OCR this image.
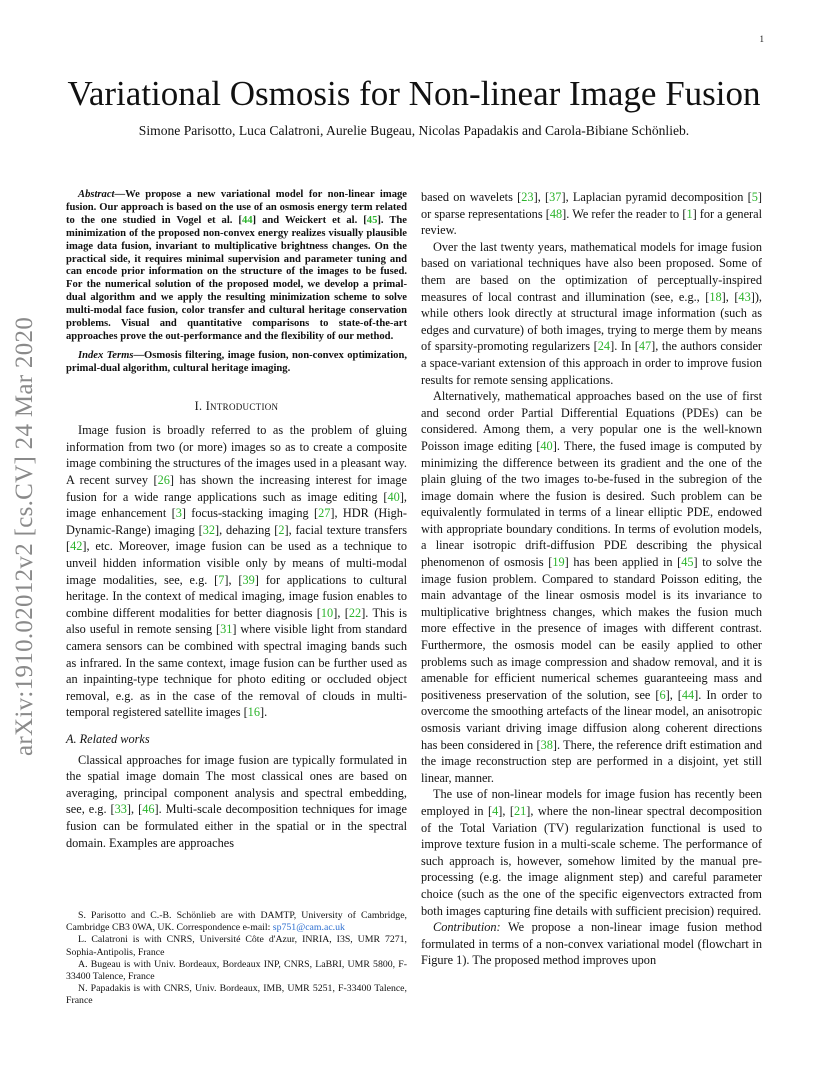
1
arXiv:1910.02012v2 [cs.CV] 24 Mar 2020
Variational Osmosis for Non-linear Image Fusion
Simone Parisotto, Luca Calatroni, Aurelie Bugeau, Nicolas Papadakis and Carola-Bibiane Schönlieb.

Abstract—We propose a new variational model for non-linear image fusion. Our approach is based on the use of an osmosis energy term related to the one studied in Vogel et al. [44] and Weickert et al. [45]. The minimization of the proposed non-convex energy realizes visually plausible image data fusion, invariant to multiplicative brightness changes. On the practical side, it requires minimal supervision and parameter tuning and can encode prior information on the structure of the images to be fused. For the numerical solution of the proposed model, we develop a primal-dual algorithm and we apply the resulting minimization scheme to solve multi-modal face fusion, color transfer and cultural heritage conservation problems. Visual and quantitative comparisons to state-of-the-art approaches prove the out-performance and the flexibility of our method.

Index Terms—Osmosis filtering, image fusion, non-convex optimization, primal-dual algorithm, cultural heritage imaging.

I. Introduction

Image fusion is broadly referred to as the problem of gluing information from two (or more) images so as to create a composite image combining the structures of the images used in a pleasant way. A recent survey [26] has shown the increasing interest for image fusion for a wide range applications such as image editing [40], image enhancement [3] focus-stacking imaging [27], HDR (High-Dynamic-Range) imaging [32], dehazing [2], facial texture transfers [42], etc. Moreover, image fusion can be used as a technique to unveil hidden information visible only by means of multi-modal image modalities, see, e.g. [7], [39] for applications to cultural heritage. In the context of medical imaging, image fusion enables to combine different modalities for better diagnosis [10], [22]. This is also useful in remote sensing [31] where visible light from standard camera sensors can be combined with spectral imaging bands such as infrared. In the same context, image fusion can be further used as an inpainting-type technique for photo editing or occluded object removal, e.g. as in the case of the removal of clouds in multi-temporal registered satellite images [16].

A. Related works

Classical approaches for image fusion are typically formulated in the spatial image domain The most classical ones are based on averaging, principal component analysis and spectral embedding, see, e.g. [33], [46]. Multi-scale decomposition techniques for image fusion can be formulated either in the spatial or in the spectral domain. Examples are approaches

S. Parisotto and C.-B. Schönlieb are with DAMTP, University of Cambridge, Cambridge CB3 0WA, UK. Correspondence e-mail: sp751@cam.ac.uk

L. Calatroni is with CNRS, Université Côte d'Azur, INRIA, I3S, UMR 7271, Sophia-Antipolis, France

A. Bugeau is with Univ. Bordeaux, Bordeaux INP, CNRS, LaBRI, UMR 5800, F-33400 Talence, France

N. Papadakis is with CNRS, Univ. Bordeaux, IMB, UMR 5251, F-33400 Talence, France

based on wavelets [23], [37], Laplacian pyramid decomposition [5] or sparse representations [48]. We refer the reader to [1] for a general review.

Over the last twenty years, mathematical models for image fusion based on variational techniques have also been proposed. Some of them are based on the optimization of perceptually-inspired measures of local contrast and illumination (see, e.g., [18], [43]), while others look directly at structural image information (such as edges and curvature) of both images, trying to merge them by means of sparsity-promoting regularizers [24]. In [47], the authors consider a space-variant extension of this approach in order to improve fusion results for remote sensing applications.

Alternatively, mathematical approaches based on the use of first and second order Partial Differential Equations (PDEs) can be considered. Among them, a very popular one is the well-known Poisson image editing [40]. There, the fused image is computed by minimizing the difference between its gradient and the one of the plain gluing of the two images to-be-fused in the subregion of the image domain where the fusion is desired. Such problem can be equivalently formulated in terms of a linear elliptic PDE, endowed with appropriate boundary conditions. In terms of evolution models, a linear isotropic drift-diffusion PDE describing the physical phenomenon of osmosis [19] has been applied in [45] to solve the image fusion problem. Compared to standard Poisson editing, the main advantage of the linear osmosis model is its invariance to multiplicative brightness changes, which makes the fusion much more effective in the presence of images with different contrast. Furthermore, the osmosis model can be easily applied to other problems such as image compression and shadow removal, and it is amenable for efficient numerical schemes guaranteeing mass and positiveness preservation of the solution, see [6], [44]. In order to overcome the smoothing artefacts of the linear model, an anisotropic osmosis variant driving image diffusion along coherent directions has been considered in [38]. There, the reference drift estimation and the image reconstruction step are performed in a disjoint, yet still linear, manner.

The use of non-linear models for image fusion has recently been employed in [4], [21], where the non-linear spectral decomposition of the Total Variation (TV) regularization functional is used to improve texture fusion in a multi-scale scheme. The performance of such approach is, however, somehow limited by the manual pre-processing (e.g. the image alignment step) and careful parameter choice (such as the one of the specific eigenvectors extracted from both images capturing fine details with sufficient precision) required.

Contribution: We propose a non-linear image fusion method formulated in terms of a non-convex variational model (flowchart in Figure 1). The proposed method improves upon
